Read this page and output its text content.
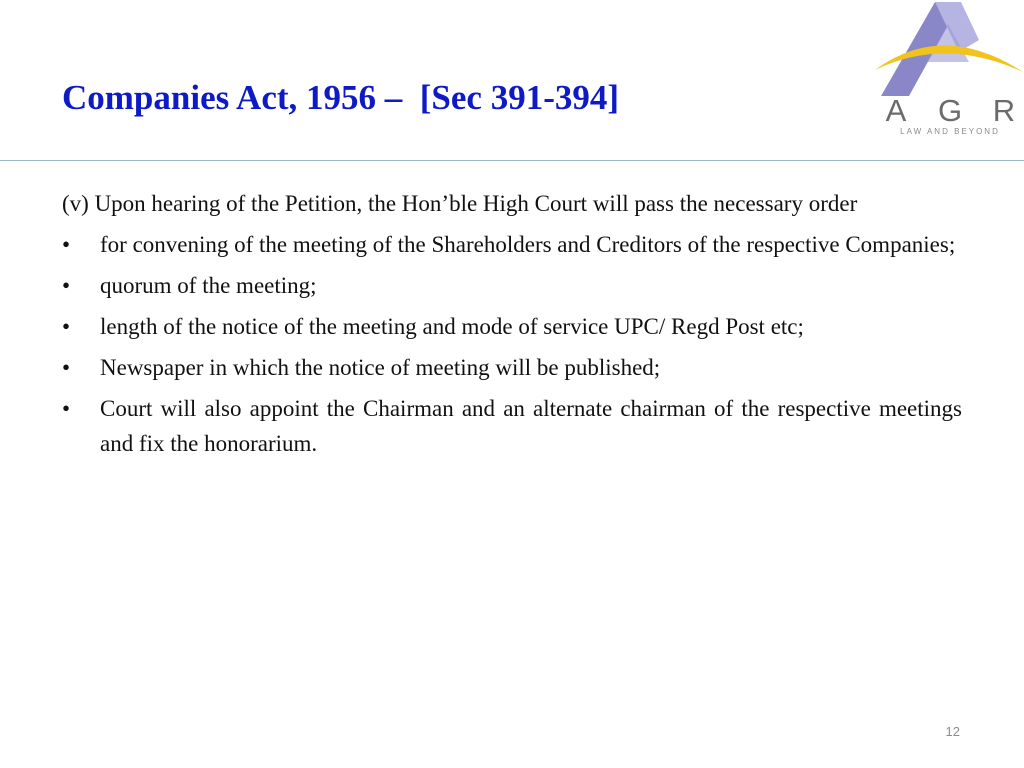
Companies Act, 1956 –  [Sec 391-394]	A	G R
LAW AND BEYOND
(v) Upon hearing of the Petition, the Hon’ble High Court will pass the necessary order
• for convening of the meeting of the Shareholders and Creditors of the respective Companies;
• quorum of the meeting;
• length of the notice of the meeting and mode of service UPC/ Regd Post etc;
• Newspaper in which the notice of meeting will be published;
• Court will also appoint the Chairman and an alternate chairman of the respective meetings and fix the honorarium.
12
